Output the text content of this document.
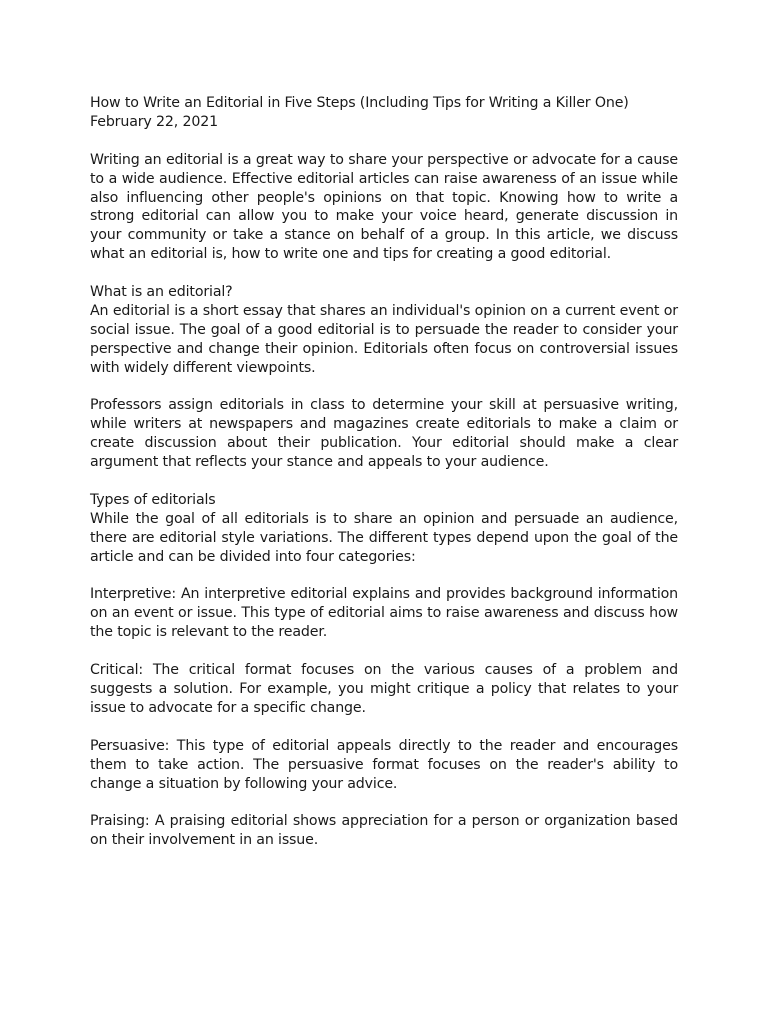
How to Write an Editorial in Five Steps (Including Tips for Writing a Killer One)
February 22, 2021

Writing an editorial is a great way to share your perspective or advocate for a cause to a wide audience. Effective editorial articles can raise awareness of an issue while also influencing other people's opinions on that topic. Knowing how to write a strong editorial can allow you to make your voice heard, generate discussion in your community or take a stance on behalf of a group. In this article, we discuss what an editorial is, how to write one and tips for creating a good editorial.

What is an editorial?

An editorial is a short essay that shares an individual's opinion on a current event or social issue. The goal of a good editorial is to persuade the reader to consider your perspective and change their opinion. Editorials often focus on controversial issues with widely different viewpoints.

Professors assign editorials in class to determine your skill at persuasive writing, while writers at newspapers and magazines create editorials to make a claim or create discussion about their publication. Your editorial should make a clear argument that reflects your stance and appeals to your audience.

Types of editorials

While the goal of all editorials is to share an opinion and persuade an audience, there are editorial style variations. The different types depend upon the goal of the article and can be divided into four categories:

Interpretive: An interpretive editorial explains and provides background information on an event or issue. This type of editorial aims to raise awareness and discuss how the topic is relevant to the reader.

Critical: The critical format focuses on the various causes of a problem and suggests a solution. For example, you might critique a policy that relates to your issue to advocate for a specific change.

Persuasive: This type of editorial appeals directly to the reader and encourages them to take action. The persuasive format focuses on the reader's ability to change a situation by following your advice.

Praising: A praising editorial shows appreciation for a person or organization based on their involvement in an issue.
